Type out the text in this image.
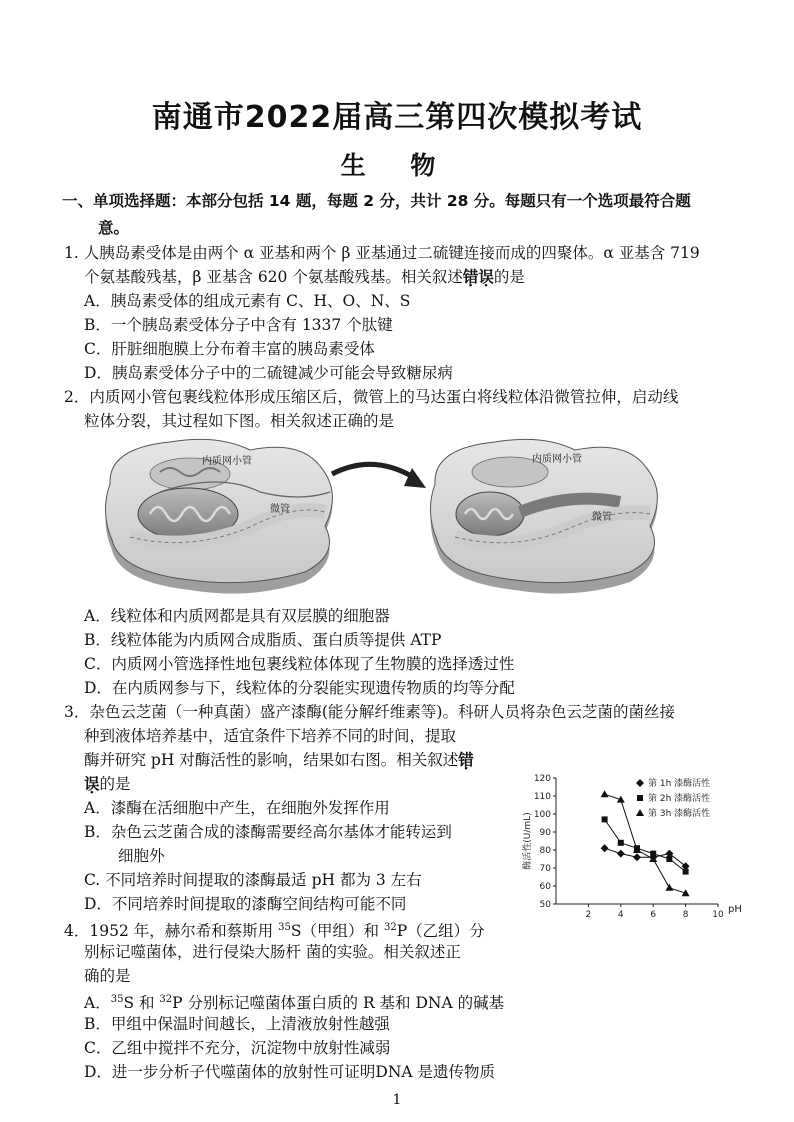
南通市2022届高三第四次模拟考试
生 物
一、单项选择题：本部分包括 14 题，每题 2 分，共计 28 分。每题只有一个选项最符合题
意。
1. 人胰岛素受体是由两个 α 亚基和两个 β 亚基通过二硫键连接而成的四聚体。α 亚基含 719
个氨基酸残基，β 亚基含 620 个氨基酸残基。相关叙述错误的是
A．胰岛素受体的组成元素有 C、H、O、N、S
B．一个胰岛素受体分子中含有 1337 个肽键
C．肝脏细胞膜上分布着丰富的胰岛素受体
D．胰岛素受体分子中的二硫键减少可能会导致糖尿病
2．内质网小管包裹线粒体形成压缩区后，微管上的马达蛋白将线粒体沿微管拉伸，启动线
粒体分裂，其过程如下图。相关叙述正确的是
内质网小管
微管
内质网小管
微管
A．线粒体和内质网都是具有双层膜的细胞器
B．线粒体能为内质网合成脂质、蛋白质等提供 ATP
C．内质网小管选择性地包裹线粒体体现了生物膜的选择透过性
D．在内质网参与下，线粒体的分裂能实现遗传物质的均等分配
3．杂色云芝菌（一种真菌）盛产漆酶(能分解纤维素等)。科研人员将杂色云芝菌的菌丝接
种到液体培养基中，适宜条件下培养不同的时间，提取
酶并研究 pH 对酶活性的影响，结果如右图。相关叙述错
误的是
A．漆酶在活细胞中产生，在细胞外发挥作用
B．杂色云芝菌合成的漆酶需要经高尔基体才能转运到
细胞外
C. 不同培养时间提取的漆酶最适 pH 都为 3 左右
D．不同培养时间提取的漆酶空间结构可能不同	50
60
70
80
90
100
110
120
2	4	6	8	10 pH
酶活性(U/mL)
第 1h 漆酶活性
第 2h 漆酶活性
第 3h 漆酶活性
4．1952 年，赫尔希和蔡斯用 $^{35}$S（甲组）和 $^{32}$P（乙组）分
别标记噬菌体，进行侵染大肠杆 菌的实验。相关叙述正
确的是
A．$^{35}$S 和 $^{32}$P 分别标记噬菌体蛋白质的 R 基和 DNA 的碱基
B．甲组中保温时间越长，上清液放射性越强
C．乙组中搅拌不充分，沉淀物中放射性减弱
D．进一步分析子代噬菌体的放射性可证明DNA 是遗传物质
1
